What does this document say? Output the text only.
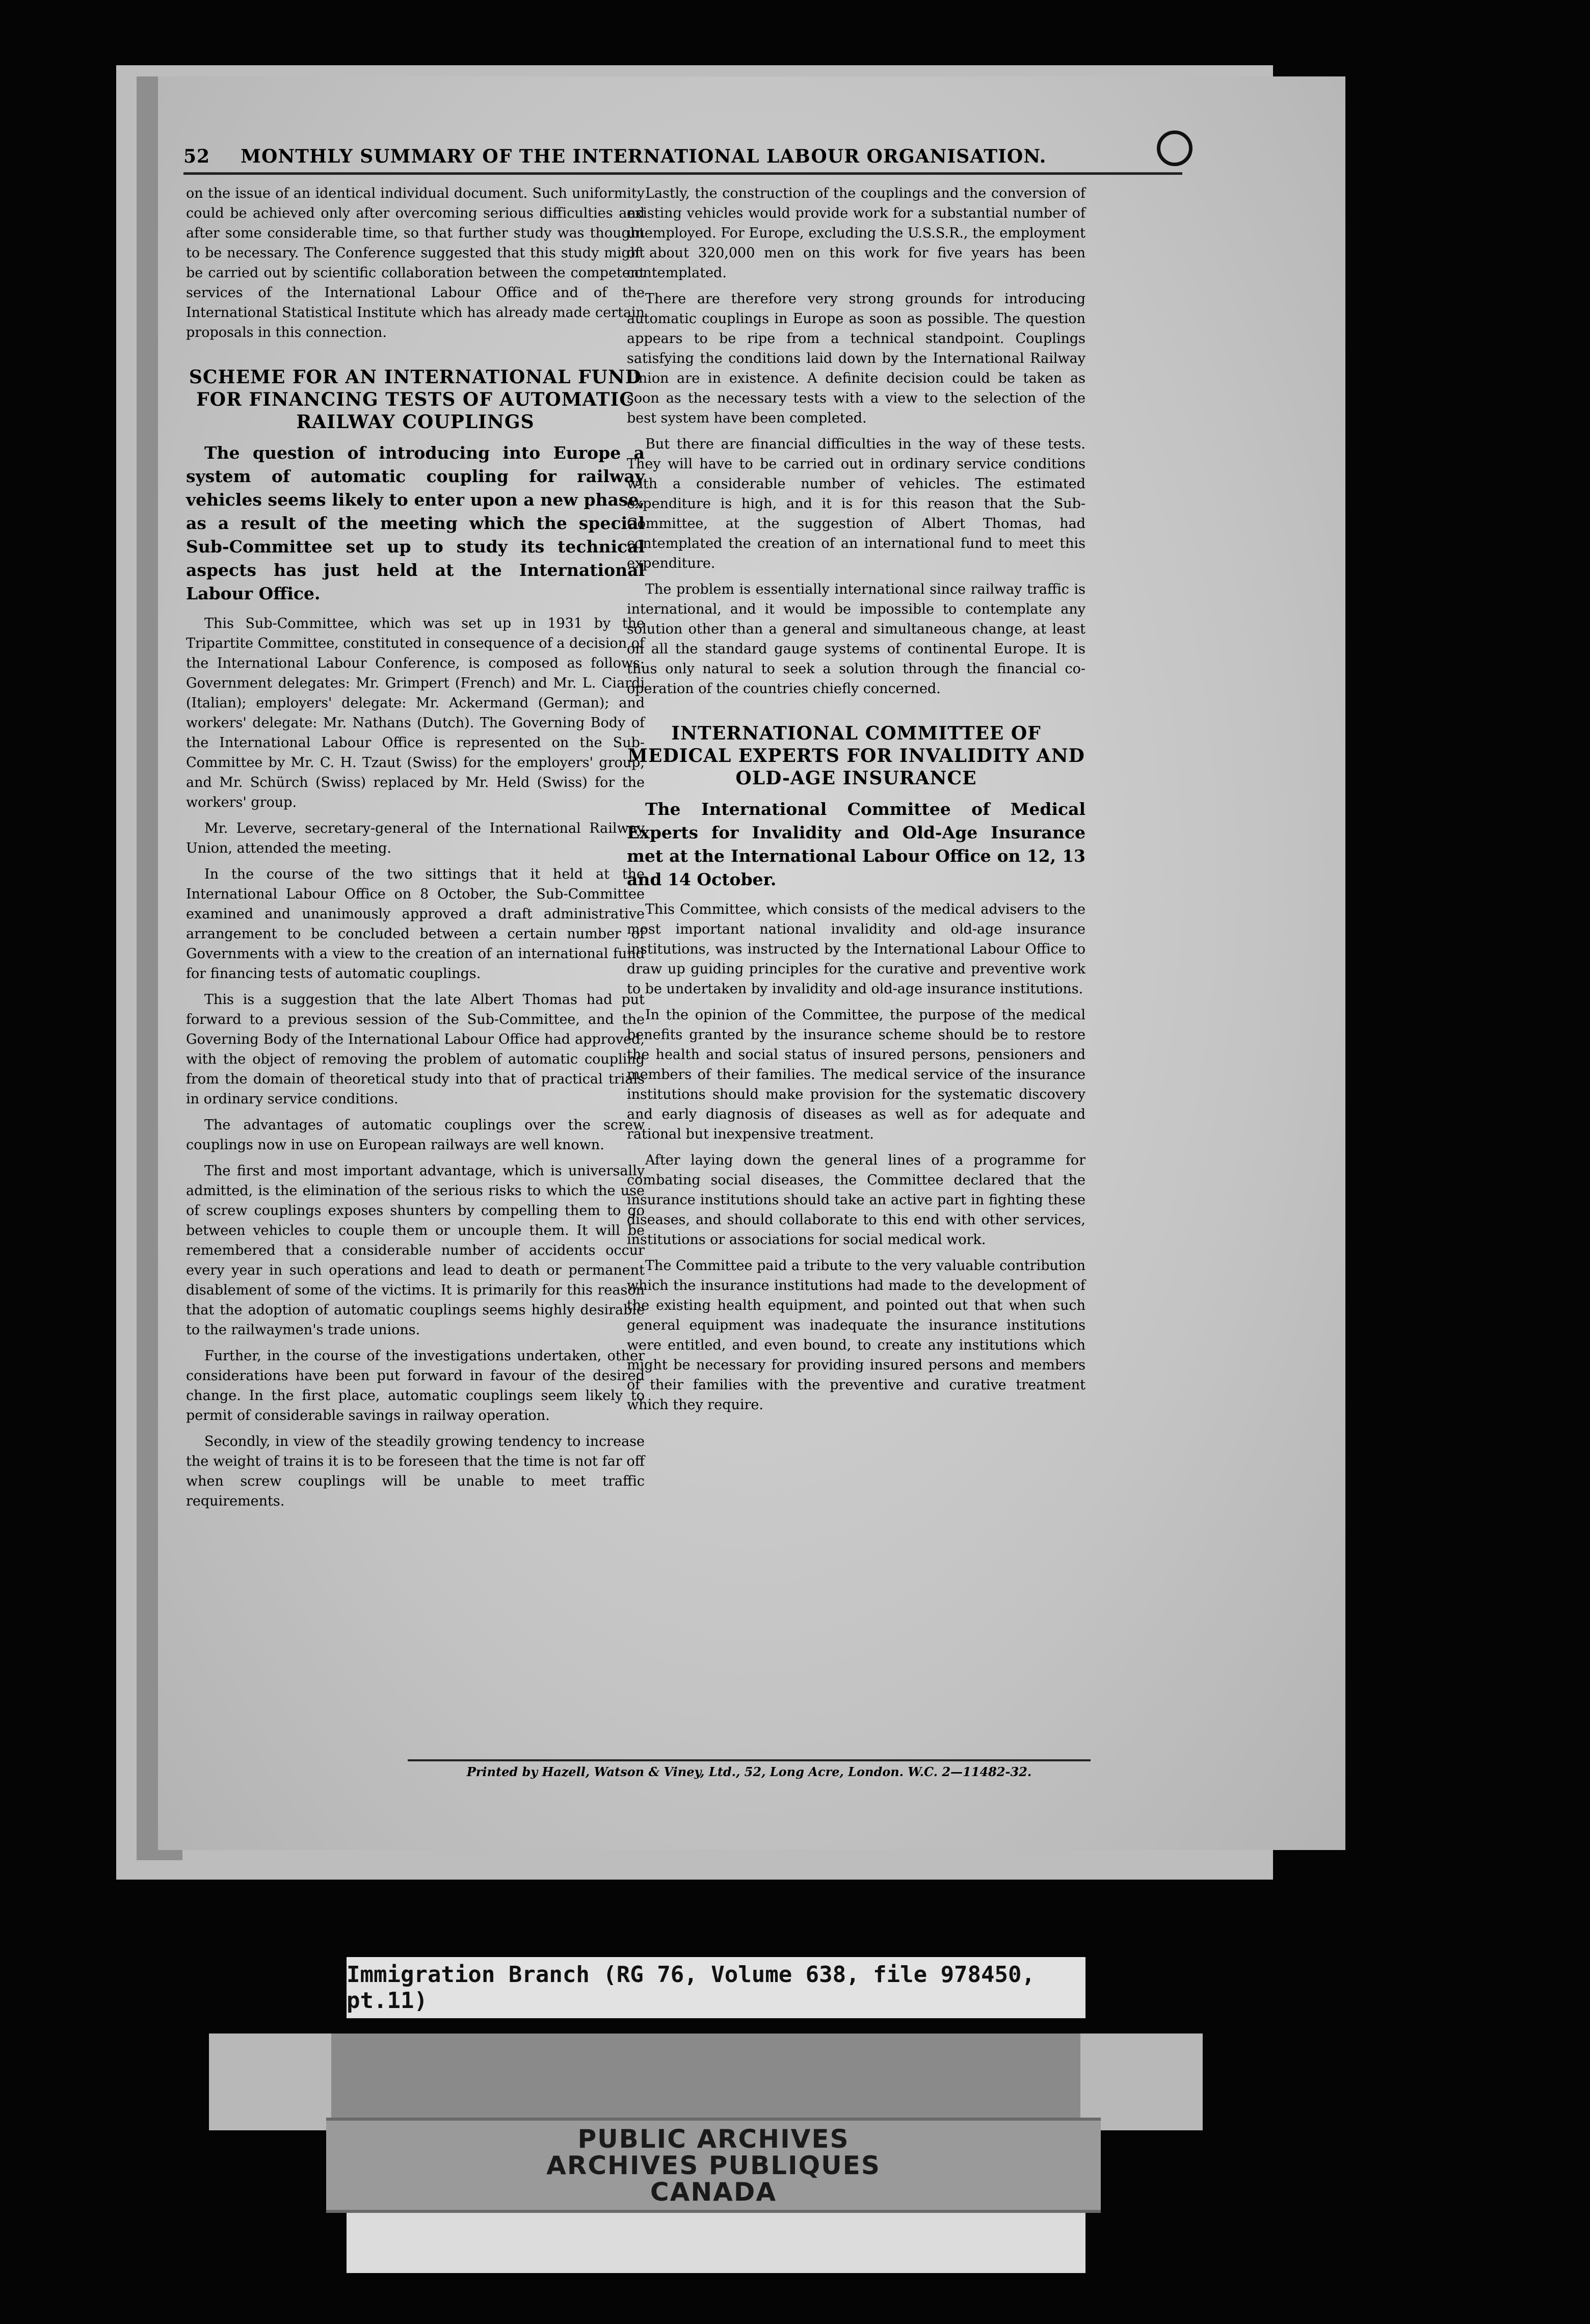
52 MONTHLY SUMMARY OF THE INTERNATIONAL LABOUR ORGANISATION.

on the issue of an identical individual document. Such uniformity could be achieved only after overcoming serious difficulties and after some considerable time, so that further study was thought to be necessary. The Conference suggested that this study might be carried out by scientific collaboration between the competent services of the International Labour Office and of the International Statistical Institute which has already made certain proposals in this connection.

SCHEME FOR AN INTERNATIONAL FUND FOR FINANCING TESTS OF AUTOMATIC RAILWAY COUPLINGS

The question of introducing into Europe a system of automatic coupling for railway vehicles seems likely to enter upon a new phase, as a result of the meeting which the special Sub-Committee set up to study its technical aspects has just held at the International Labour Office.

This Sub-Committee, which was set up in 1931 by the Tripartite Committee, constituted in consequence of a decision of the International Labour Conference, is composed as follows: Government delegates: Mr. Grimpert (French) and Mr. L. Ciardi (Italian); employers' delegate: Mr. Ackermand (German); and workers' delegate: Mr. Nathans (Dutch). The Governing Body of the International Labour Office is represented on the Sub-Committee by Mr. C. H. Tzaut (Swiss) for the employers' group, and Mr. Schürch (Swiss) replaced by Mr. Held (Swiss) for the workers' group.

Mr. Leverve, secretary-general of the International Railway Union, attended the meeting.

In the course of the two sittings that it held at the International Labour Office on 8 October, the Sub-Committee examined and unanimously approved a draft administrative arrangement to be concluded between a certain number of Governments with a view to the creation of an international fund for financing tests of automatic couplings.

This is a suggestion that the late Albert Thomas had put forward to a previous session of the Sub-Committee, and the Governing Body of the International Labour Office had approved, with the object of removing the problem of automatic coupling from the domain of theoretical study into that of practical trials in ordinary service conditions.

The advantages of automatic couplings over the screw couplings now in use on European railways are well known.

The first and most important advantage, which is universally admitted, is the elimination of the serious risks to which the use of screw couplings exposes shunters by compelling them to go between vehicles to couple them or uncouple them. It will be remembered that a considerable number of accidents occur every year in such operations and lead to death or permanent disablement of some of the victims. It is primarily for this reason that the adoption of automatic couplings seems highly desirable to the railwaymen's trade unions.

Further, in the course of the investigations undertaken, other considerations have been put forward in favour of the desired change. In the first place, automatic couplings seem likely to permit of considerable savings in railway operation.

Secondly, in view of the steadily growing tendency to increase the weight of trains it is to be foreseen that the time is not far off when screw couplings will be unable to meet traffic requirements.

Lastly, the construction of the couplings and the conversion of existing vehicles would provide work for a substantial number of unemployed. For Europe, excluding the U.S.S.R., the employment of about 320,000 men on this work for five years has been contemplated.

There are therefore very strong grounds for introducing automatic couplings in Europe as soon as possible. The question appears to be ripe from a technical standpoint. Couplings satisfying the conditions laid down by the International Railway Union are in existence. A definite decision could be taken as soon as the necessary tests with a view to the selection of the best system have been completed.

But there are financial difficulties in the way of these tests. They will have to be carried out in ordinary service conditions with a considerable number of vehicles. The estimated expenditure is high, and it is for this reason that the Sub-Committee, at the suggestion of Albert Thomas, had contemplated the creation of an international fund to meet this expenditure.

The problem is essentially international since railway traffic is international, and it would be impossible to contemplate any solution other than a general and simultaneous change, at least on all the standard gauge systems of continental Europe. It is thus only natural to seek a solution through the financial co-operation of the countries chiefly concerned.

INTERNATIONAL COMMITTEE OF MEDICAL EXPERTS FOR INVALIDITY AND OLD-AGE INSURANCE

The International Committee of Medical Experts for Invalidity and Old-Age Insurance met at the International Labour Office on 12, 13 and 14 October.

This Committee, which consists of the medical advisers to the most important national invalidity and old-age insurance institutions, was instructed by the International Labour Office to draw up guiding principles for the curative and preventive work to be undertaken by invalidity and old-age insurance institutions.

In the opinion of the Committee, the purpose of the medical benefits granted by the insurance scheme should be to restore the health and social status of insured persons, pensioners and members of their families. The medical service of the insurance institutions should make provision for the systematic discovery and early diagnosis of diseases as well as for adequate and rational but inexpensive treatment.

After laying down the general lines of a programme for combating social diseases, the Committee declared that the insurance institutions should take an active part in fighting these diseases, and should collaborate to this end with other services, institutions or associations for social medical work.

The Committee paid a tribute to the very valuable contribution which the insurance institutions had made to the development of the existing health equipment, and pointed out that when such general equipment was inadequate the insurance institutions were entitled, and even bound, to create any institutions which might be necessary for providing insured persons and members of their families with the preventive and curative treatment which they require.

Printed by Hazell, Watson & Viney, Ltd., 52, Long Acre, London. W.C. 2—11482-32.
Immigration Branch (RG 76, Volume 638, file 978450, pt.11)
PUBLIC ARCHIVES
ARCHIVES PUBLIQUES
CANADA
